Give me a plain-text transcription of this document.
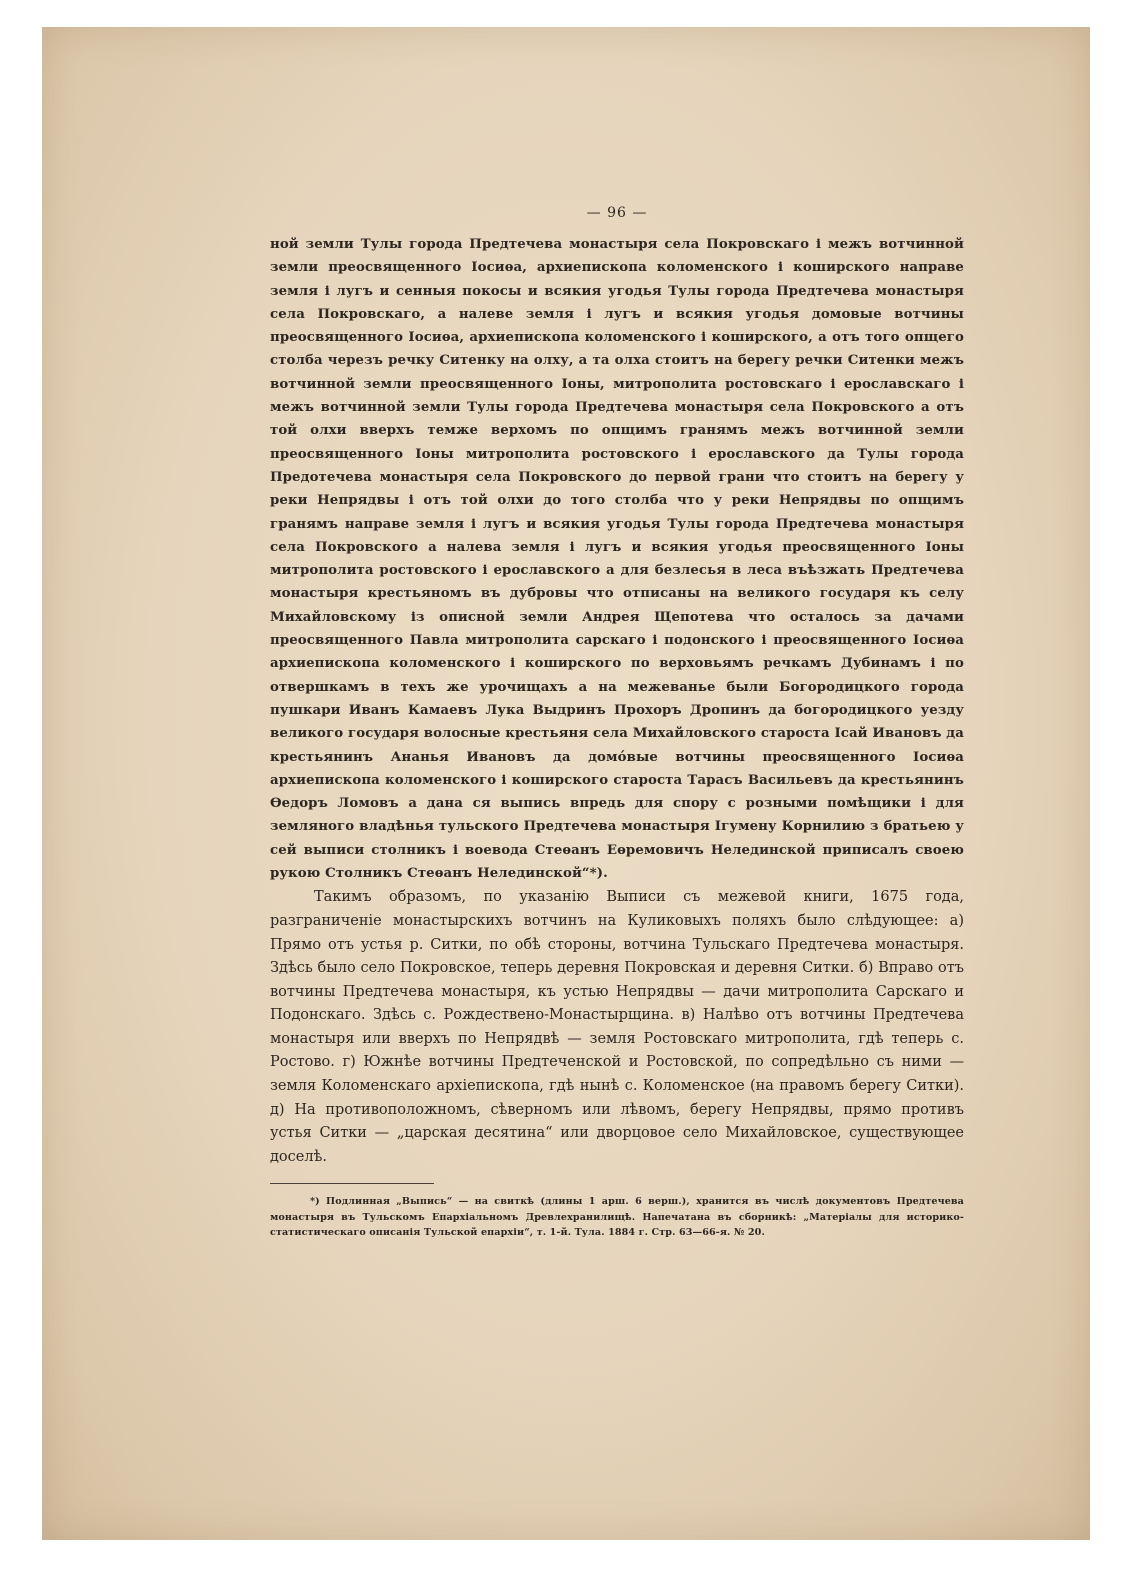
— 96 —

ной земли Тулы города Предтечева монастыря села Покровскаго і межъ вотчинной земли преосвященного Іосиѳа, архиепископа коломенского і коширского направе земля і лугъ и сенныя покосы и всякия угодья Тулы города Предтечева монастыря села Покровскаго, а налеве земля і лугъ и всякия угодья домовые вотчины преосвященного Іосиѳа, архиепископа коломенского і коширского, а отъ того опщего столба черезъ речку Ситенку на олху, а та олха стоитъ на берегу речки Ситенки межъ вотчинной земли преосвященного Іоны, митрополита ростовскаго і ерославскаго і межъ вотчинной земли Тулы города Предтечева монастыря села Покровского а отъ той олхи вверхъ темже верхомъ по опщимъ гранямъ межъ вотчинной земли преосвященного Іоны митрополита ростовского і ерославского да Тулы города Предотечева монастыря села Покровского до первой грани что стоитъ на берегу у реки Непрядвы і отъ той олхи до того столба что у реки Непрядвы по опщимъ гранямъ направе земля і лугъ и всякия угодья Тулы города Предтечева монастыря села Покровского а налева земля і лугъ и всякия угодья преосвященного Іоны митрополита ростовского і ерославского а для безлесья в леса въѣзжать Предтечева монастыря крестьяномъ въ дубровы что отписаны на великого государя къ селу Михайловскому із описной земли Андрея Щепотева что осталось за дачами преосвященного Павла митрополита сарскаго і подонского і преосвященного Іосиѳа архиепископа коломенского і коширского по верховьямъ речкамъ Дубинамъ і по отвершкамъ в техъ же урочищахъ а на межеванье были Богородицкого города пушкари Иванъ Камаевъ Лука Выдринъ Прохоръ Дропинъ да богородицкого уезду великого государя волосные крестьяня села Михайловского староста Ісай Ивановъ да крестьянинъ Ананья Ивановъ да домóвые вотчины преосвященного Іосиѳа архиепископа коломенского і коширского староста Тарасъ Васильевъ да крестьянинъ Ѳедоръ Ломовъ а дана ся выпись впредь для спору с розными помѣщики і для земляного владѣнья тульского Предтечева монастыря Ігумену Корнилию з братьею у сей выписи столникъ і воевода Стеѳанъ Еѳремовичъ Нелединской приписалъ своею рукою Столникъ Стеѳанъ Нелединской“*).

Такимъ образомъ, по указанію Выписи съ межевой книги, 1675 года, разграниченіе монастырскихъ вотчинъ на Куликовыхъ поляхъ было слѣдующее: а) Прямо отъ устья р. Ситки, по обѣ стороны, вотчина Тульскаго Предтечева монастыря. Здѣсь было село Покровское, теперь деревня Покровская и деревня Ситки. б) Вправо отъ вотчины Предтечева монастыря, къ устью Непрядвы — дачи митрополита Сарскаго и Подонскаго. Здѣсь с. Рождествено-Монастырщина. в) Налѣво отъ вотчины Предтечева монастыря или вверхъ по Непрядвѣ — земля Ростовскаго митрополита, гдѣ теперь с. Ростово. г) Южнѣе вотчины Предтеченской и Ростовской, по сопредѣльно съ ними — земля Коломенскаго архіепископа, гдѣ нынѣ с. Коломенское (на правомъ берегу Ситки). д) На противоположномъ, сѣверномъ или лѣвомъ, берегу Непрядвы, прямо противъ устья Ситки — „царская десятина“ или дворцовое село Михайловское, существующее доселѣ.

*) Подлинная „Выпись“ — на свиткѣ (длины 1 арш. 6 верш.), хранится въ числѣ документовъ Предтечева монастыря въ Тульскомъ Епархіальномъ Древлехранилищѣ. Напечатана въ сборникѣ: „Матеріалы для историко-статистическаго описанія Тульской епархіи“, т. 1-й. Тула. 1884 г. Стр. 63—66-я. № 20.
